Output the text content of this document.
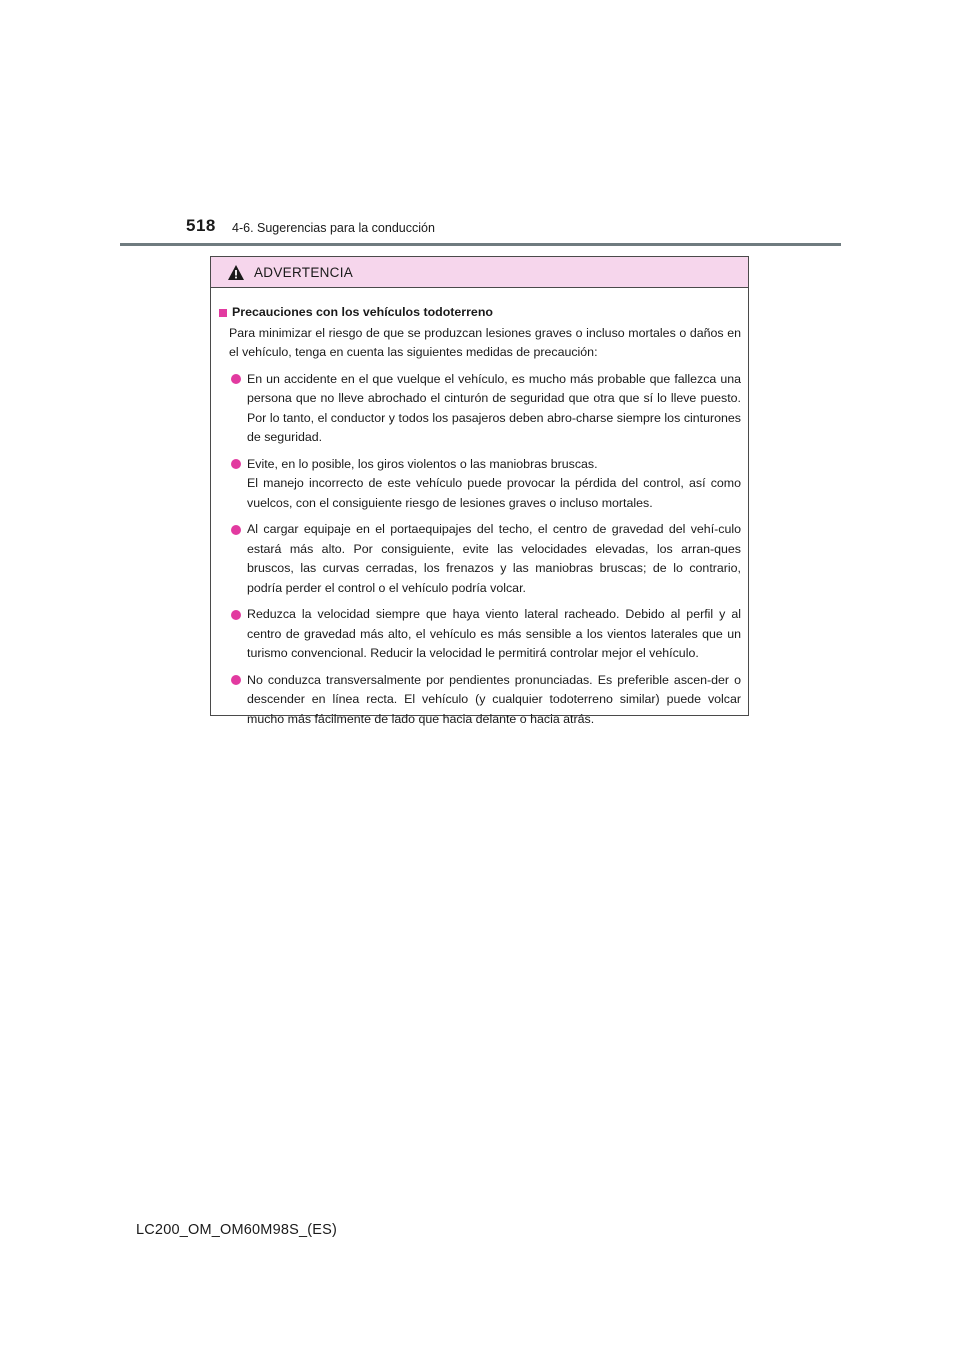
518 4-6. Sugerencias para la conducción
ADVERTENCIA
Precauciones con los vehículos todoterreno
Para minimizar el riesgo de que se produzcan lesiones graves o incluso mortales o daños en el vehículo, tenga en cuenta las siguientes medidas de precaución:
En un accidente en el que vuelque el vehículo, es mucho más probable que fallezca una persona que no lleve abrochado el cinturón de seguridad que otra que sí lo lleve puesto. Por lo tanto, el conductor y todos los pasajeros deben abro-charse siempre los cinturones de seguridad.
Evite, en lo posible, los giros violentos o las maniobras bruscas.
El manejo incorrecto de este vehículo puede provocar la pérdida del control, así como vuelcos, con el consiguiente riesgo de lesiones graves o incluso mortales.
Al cargar equipaje en el portaequipajes del techo, el centro de gravedad del vehí-culo estará más alto. Por consiguiente, evite las velocidades elevadas, los arran-ques bruscos, las curvas cerradas, los frenazos y las maniobras bruscas; de lo contrario, podría perder el control o el vehículo podría volcar.
Reduzca la velocidad siempre que haya viento lateral racheado. Debido al perfil y al centro de gravedad más alto, el vehículo es más sensible a los vientos laterales que un turismo convencional. Reducir la velocidad le permitirá controlar mejor el vehículo.
No conduzca transversalmente por pendientes pronunciadas. Es preferible ascen-der o descender en línea recta. El vehículo (y cualquier todoterreno similar) puede volcar mucho más fácilmente de lado que hacia delante o hacia atrás.
LC200_OM_OM60M98S_(ES)
